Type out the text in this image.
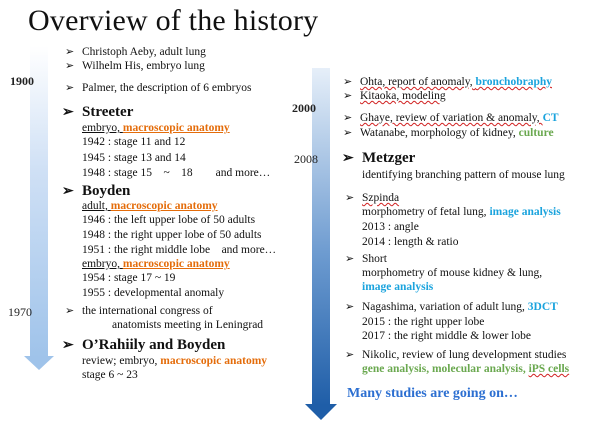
Overview of the history
1900
1970
2000
2008
➢ Christoph Aeby, adult lung
➢ Wilhelm His, embryo lung
➢ Palmer, the description of 6 embryos
➢ Streeter
embryo, macroscopic anatomy
1942 : stage 11 and 12
1945 : stage 13 and 14
1948 : stage 15　~　18　　and more…
➢ Boyden
adult, macroscopic anatomy
1946 : the left upper lobe of 50 adults
1948 : the right upper lobe of 50 adults
1951 : the right middle lobe　and more…
embryo, macroscopic anatomy
1954 : stage 17 ~ 19
1955 : developmental anomaly
➢ the international congress of
anatomists meeting in Leningrad
➢ O’Rahiily and Boyden
review; embryo, macroscopic anatomy
stage 6 ~ 23
➢ Ohta, report of anomaly, bronchobraphy
➢ Kitaoka, modeling
➢ Ghaye, review of variation & anomaly, CT
➢ Watanabe, morphology of kidney, culture
➢ Metzger
identifying branching pattern of mouse lung
➢ Szpinda
morphometry of fetal lung, image analysis
2013 : angle
2014 : length & ratio
➢ Short
morphometry of mouse kidney & lung,
image analysis
➢ Nagashima, variation of adult lung, 3DCT
2015 : the right upper lobe
2017 : the right middle & lower lobe
➢ Nikolic, review of lung development studies
gene analysis, molecular analysis, iPS cells
Many studies are going on…
